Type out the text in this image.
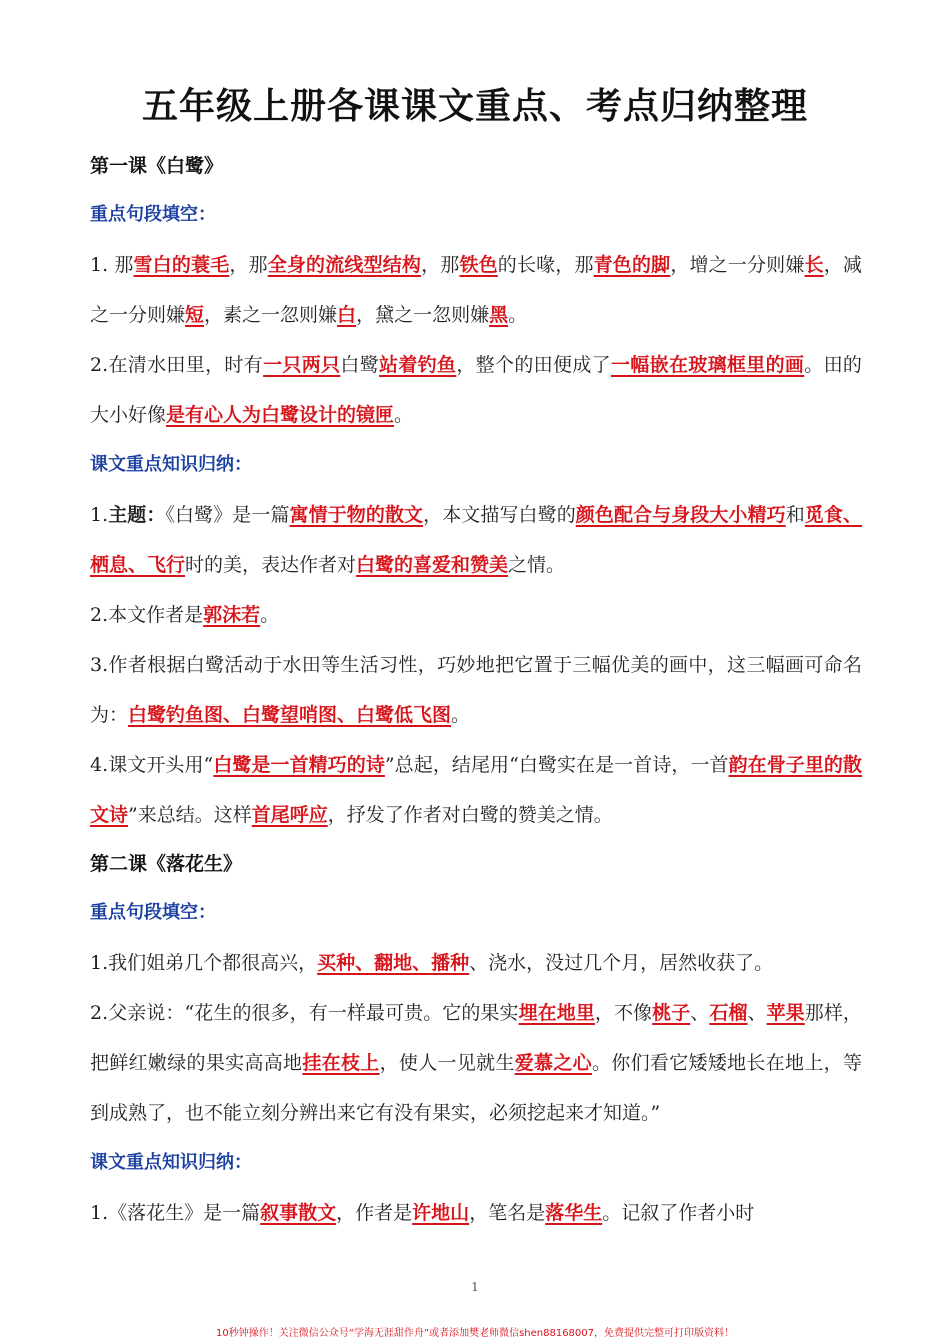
五年级上册各课课文重点、考点归纳整理
第一课《白鹭》
重点句段填空：
1. 那雪白的蓑毛，那全身的流线型结构，那铁色的长喙，那青色的脚，增之一分则嫌长，减之一分则嫌短，素之一忽则嫌白，黛之一忽则嫌黑。
2.在清水田里，时有一只两只白鹭站着钓鱼，整个的田便成了一幅嵌在玻璃框里的画。田的大小好像是有心人为白鹭设计的镜匣。
课文重点知识归纳：
1.主题：《白鹭》是一篇寓情于物的散文，本文描写白鹭的颜色配合与身段大小精巧和觅食、栖息、飞行时的美，表达作者对白鹭的喜爱和赞美之情。
2.本文作者是郭沫若。
3.作者根据白鹭活动于水田等生活习性，巧妙地把它置于三幅优美的画中，这三幅画可命名为：白鹭钓鱼图、白鹭望哨图、白鹭低飞图。
4.课文开头用“白鹭是一首精巧的诗”总起，结尾用“白鹭实在是一首诗，一首韵在骨子里的散文诗”来总结。这样首尾呼应，抒发了作者对白鹭的赞美之情。
第二课《落花生》
重点句段填空：
1.我们姐弟几个都很高兴，买种、翻地、播种、浇水，没过几个月，居然收获了。
2.父亲说：“花生的很多，有一样最可贵。它的果实埋在地里，不像桃子、石榴、苹果那样，把鲜红嫩绿的果实高高地挂在枝上，使人一见就生爱慕之心。你们看它矮矮地长在地上，等到成熟了，也不能立刻分辨出来它有没有果实，必须挖起来才知道。”
课文重点知识归纳：
1.《落花生》是一篇叙事散文，作者是许地山，笔名是落华生。记叙了作者小时
1
10秒钟操作！关注微信公众号“学海无涯甜作舟”或者添加樊老师微信shen88168007，免费提供完整可打印版资料！
